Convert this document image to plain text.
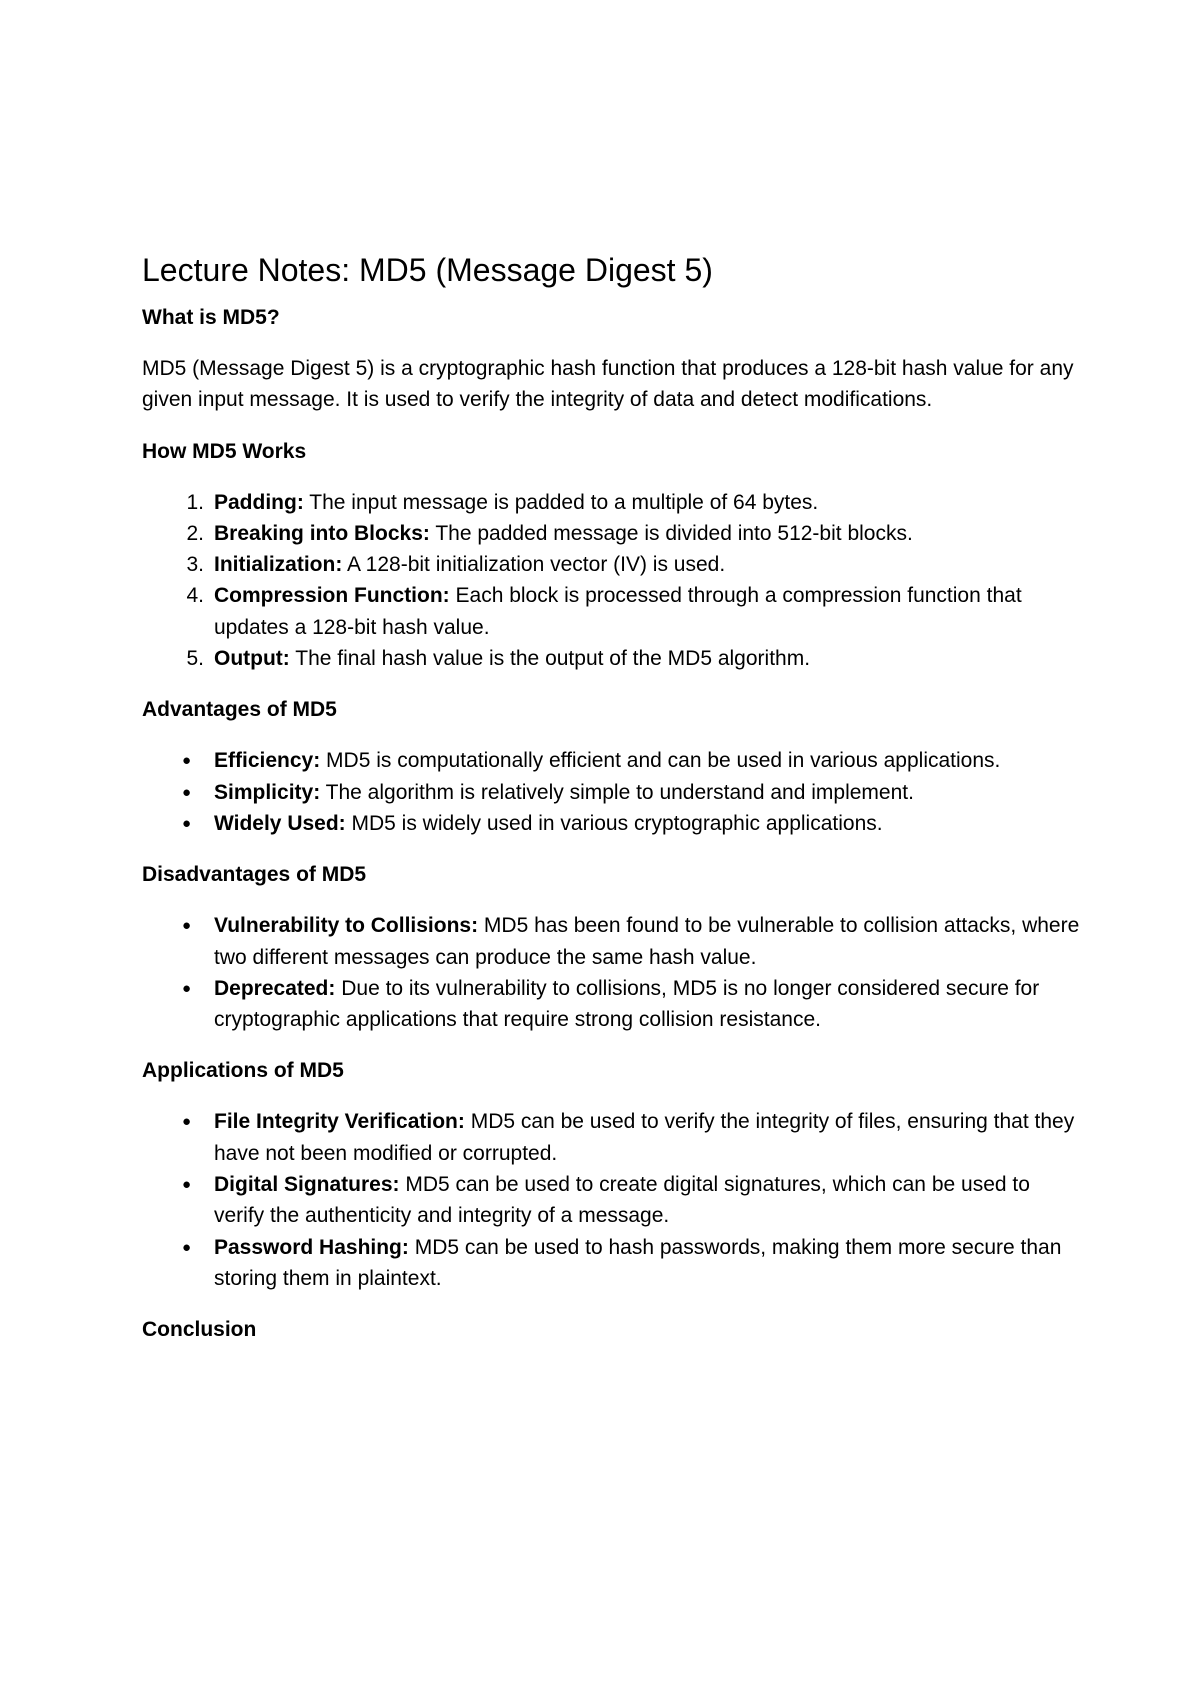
Lecture Notes: MD5 (Message Digest 5)
What is MD5?

MD5 (Message Digest 5) is a cryptographic hash function that produces a 128-bit hash value for any given input message. It is used to verify the integrity of data and detect modifications.

How MD5 Works
1. Padding: The input message is padded to a multiple of 64 bytes.
2. Breaking into Blocks: The padded message is divided into 512-bit blocks.
3. Initialization: A 128-bit initialization vector (IV) is used.
4. Compression Function: Each block is processed through a compression function that updates a 128-bit hash value.
5. Output: The final hash value is the output of the MD5 algorithm.
Advantages of MD5
● Efficiency: MD5 is computationally efficient and can be used in various applications.
● Simplicity: The algorithm is relatively simple to understand and implement.
● Widely Used: MD5 is widely used in various cryptographic applications.
Disadvantages of MD5
● Vulnerability to Collisions: MD5 has been found to be vulnerable to collision attacks, where two different messages can produce the same hash value.
● Deprecated: Due to its vulnerability to collisions, MD5 is no longer considered secure for cryptographic applications that require strong collision resistance.
Applications of MD5
● File Integrity Verification: MD5 can be used to verify the integrity of files, ensuring that they have not been modified or corrupted.
● Digital Signatures: MD5 can be used to create digital signatures, which can be used to verify the authenticity and integrity of a message.
● Password Hashing: MD5 can be used to hash passwords, making them more secure than storing them in plaintext.
Conclusion
